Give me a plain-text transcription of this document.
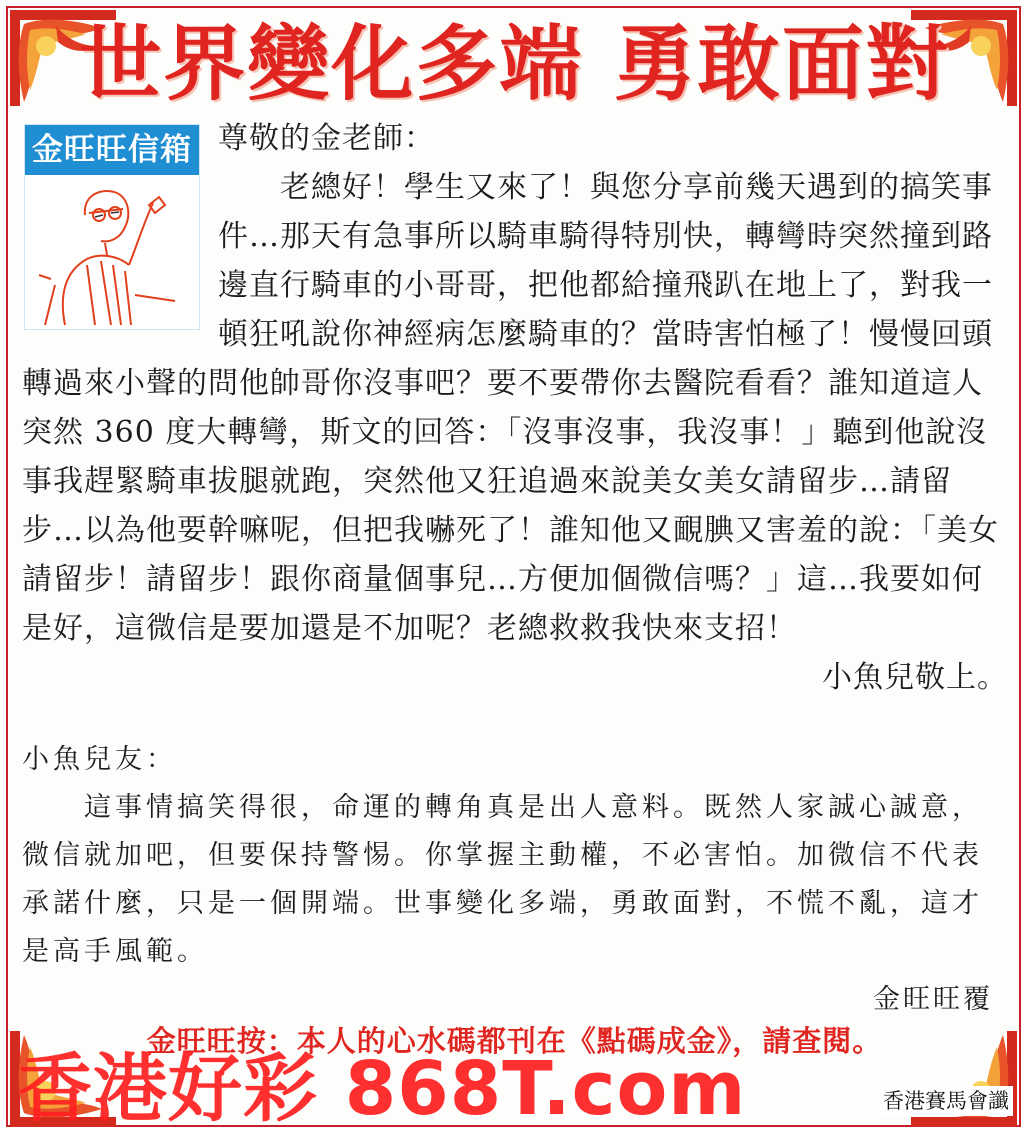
世界變化多端 勇敢面對
金旺旺信箱 尊敬的金老師：
　　老總好！學生又來了！與您分享前幾天遇到的搞笑事件…那天有急事所以騎車騎得特別快，轉彎時突然撞到路邊直行騎車的小哥哥，把他都給撞飛趴在地上了，對我一頓狂吼說你神經病怎麼騎車的？當時害怕極了！慢慢回頭轉過來小聲的問他帥哥你沒事吧？要不要帶你去醫院看看？誰知道這人突然 360 度大轉彎，斯文的回答：「沒事沒事，我沒事！」聽到他說沒事我趕緊騎車拔腿就跑，突然他又狂追過來說美女美女請留步…請留步…以為他要幹嘛呢，但把我嚇死了！誰知他又靦腆又害羞的說：「美女請留步！請留步！跟你商量個事兒…方便加個微信嗎？」這…我要如何是好，這微信是要加還是不加呢？老總救救我快來支招！
小魚兒敬上。
小魚兒友：
這事情搞笑得很，命運的轉角真是出人意料。既然人家誠心誠意，微信就加吧，但要保持警惕。你掌握主動權，不必害怕。加微信不代表承諾什麼，只是一個開端。世事變化多端，勇敢面對，不慌不亂，這才是高手風範。
金旺旺覆
金旺旺按：本人的心水碼都刊在《點碼成金》，請查閱。
香港好彩 868T.com	香港賽馬會讖
